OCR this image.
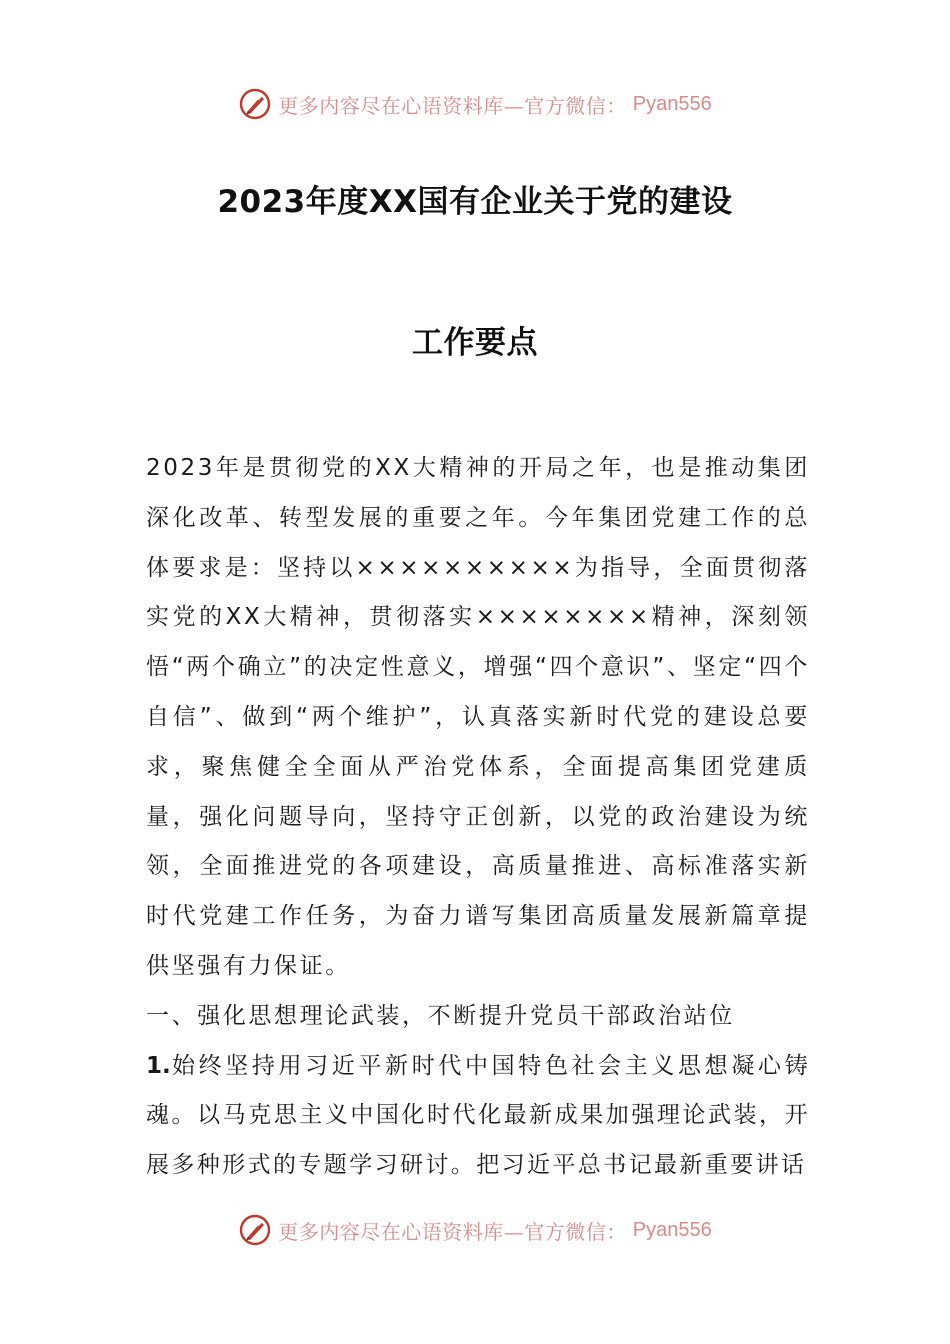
更多内容尽在心语资料库—官方微信： Pyan556
2023年度XX国有企业关于党的建设
工作要点

2023年是贯彻党的XX大精神的开局之年，也是推动集团深化改革、转型发展的重要之年。今年集团党建工作的总体要求是：坚持以××××××××××为指导，全面贯彻落实党的XX大精神，贯彻落实××××××××精神，深刻领悟“两个确立”的决定性意义，增强“四个意识”、坚定“四个自信”、做到“两个维护”，认真落实新时代党的建设总要求，聚焦健全全面从严治党体系，全面提高集团党建质量，强化问题导向，坚持守正创新，以党的政治建设为统领，全面推进党的各项建设，高质量推进、高标准落实新时代党建工作任务，为奋力谱写集团高质量发展新篇章提供坚强有力保证。

一、强化思想理论武装，不断提升党员干部政治站位

1.始终坚持用习近平新时代中国特色社会主义思想凝心铸魂。以马克思主义中国化时代化最新成果加强理论武装，开展多种形式的专题学习研讨。把习近平总书记最新重要讲话

更多内容尽在心语资料库—官方微信： Pyan556
